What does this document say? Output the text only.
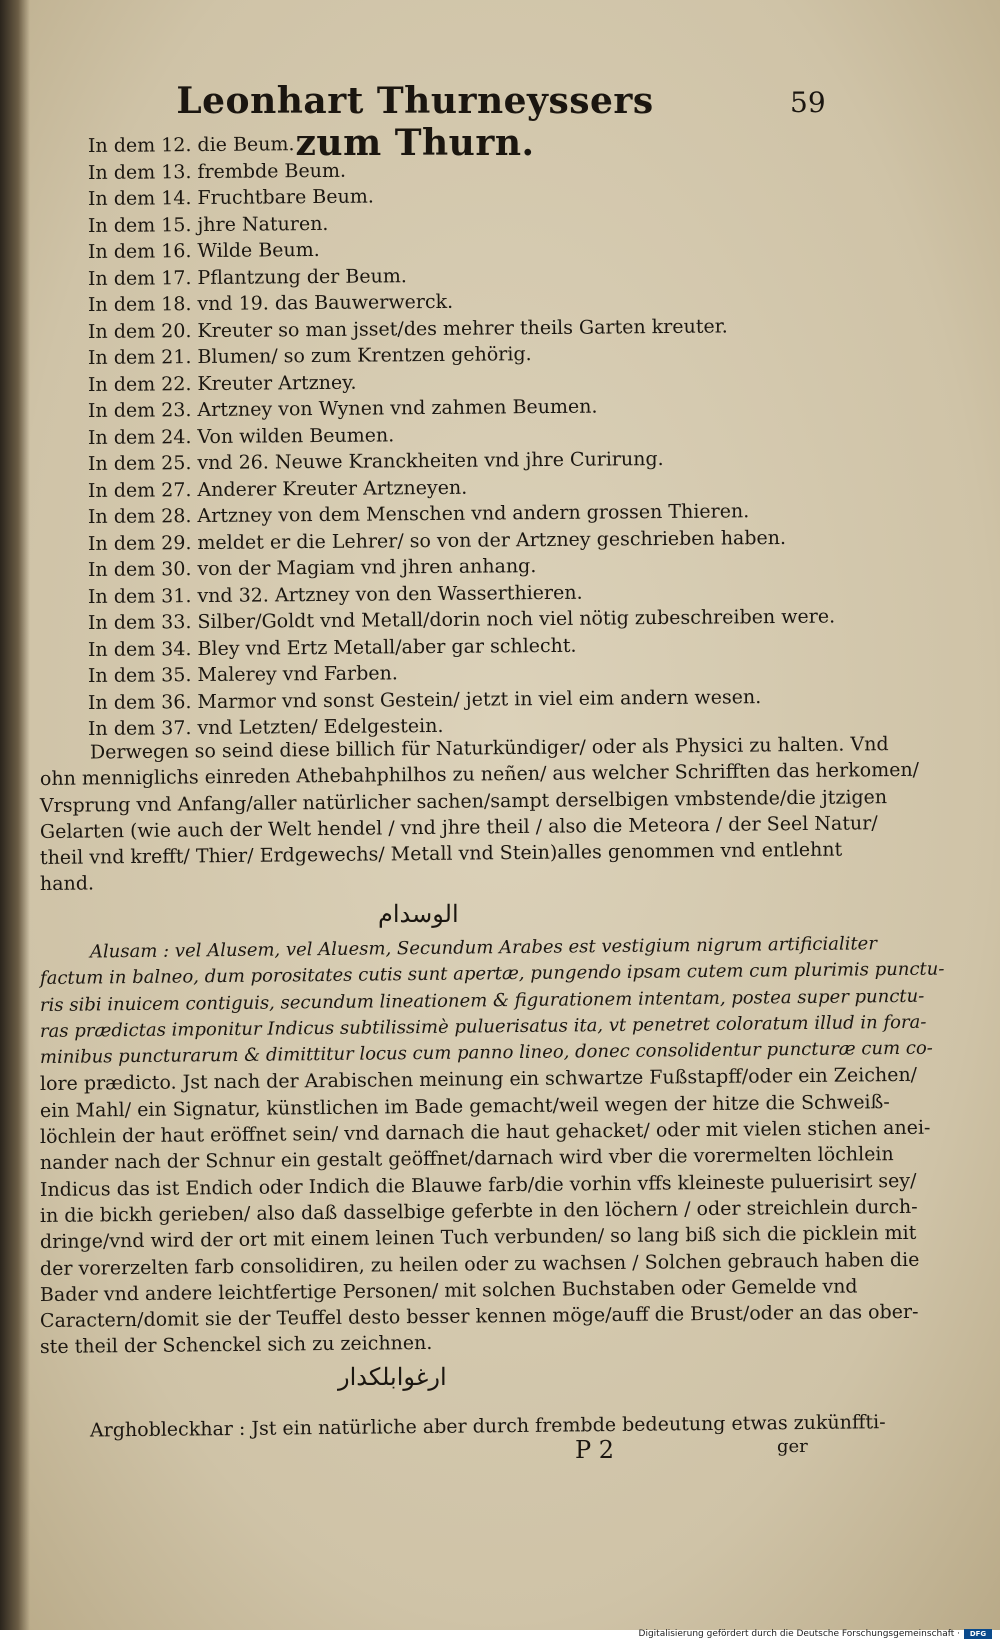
Leonhart Thurneyssers zum Thurn.
59
In dem 12. die Beum.
In dem 13. frembde Beum.
In dem 14. Fruchtbare Beum.
In dem 15. jhre Naturen.
In dem 16. Wilde Beum.
In dem 17. Pflantzung der Beum.
In dem 18. vnd 19. das Bauwerwerck.
In dem 20. Kreuter so man jsset/des mehrer theils Garten kreuter.
In dem 21. Blumen/ so zum Krentzen gehörig.
In dem 22. Kreuter Artzney.
In dem 23. Artzney von Wynen vnd zahmen Beumen.
In dem 24. Von wilden Beumen.
In dem 25. vnd 26. Neuwe Kranckheiten vnd jhre Curirung.
In dem 27. Anderer Kreuter Artzneyen.
In dem 28. Artzney von dem Menschen vnd andern grossen Thieren.
In dem 29. meldet er die Lehrer/ so von der Artzney geschrieben haben.
In dem 30. von der Magiam vnd jhren anhang.
In dem 31. vnd 32. Artzney von den Wasserthieren.
In dem 33. Silber/Goldt vnd Metall/dorin noch viel nötig zubeschreiben were.
In dem 34. Bley vnd Ertz Metall/aber gar schlecht.
In dem 35. Malerey vnd Farben.
In dem 36. Marmor vnd sonst Gestein/ jetzt in viel eim andern wesen.
In dem 37. vnd Letzten/ Edelgestein.
Derwegen so seind diese billich für Naturkündiger/ oder als Physici zu halten. Vnd
ohn menniglichs einreden Athebahphilhos zu neñen/ aus welcher Schrifften das herkomen/
Vrsprung vnd Anfang/aller natürlicher sachen/sampt derselbigen vmbstende/die jtzigen
Gelarten (wie auch der Welt hendel / vnd jhre theil / also die Meteora / der Seel Natur/
theil vnd krefft/ Thier/ Erdgewechs/ Metall vnd Stein)alles genommen vnd entlehnt
hand.
الوسدام
Alusam : vel Alusem, vel Aluesm, Secundum Arabes est vestigium nigrum artificialiter
factum in balneo, dum porositates cutis sunt apertæ, pungendo ipsam cutem cum plurimis punctu-
ris sibi inuicem contiguis, secundum lineationem & figurationem intentam, postea super punctu-
ras prædictas imponitur Indicus subtilissimè puluerisatus ita, vt penetret coloratum illud in fora-
minibus puncturarum & dimittitur locus cum panno lineo, donec consolidentur puncturæ cum co-
lore prædicto. Jst nach der Arabischen meinung ein schwartze Fußstapff/oder ein Zeichen/
ein Mahl/ ein Signatur, künstlichen im Bade gemacht/weil wegen der hitze die Schweiß-
löchlein der haut eröffnet sein/ vnd darnach die haut gehacket/ oder mit vielen stichen anei-
nander nach der Schnur ein gestalt geöffnet/darnach wird vber die vorermelten löchlein
Indicus das ist Endich oder Indich die Blauwe farb/die vorhin vffs kleineste puluerisirt sey/
in die bickh gerieben/ also daß dasselbige geferbte in den löchern / oder streichlein durch-
dringe/vnd wird der ort mit einem leinen Tuch verbunden/ so lang biß sich die picklein mit
der vorerzelten farb consolidiren, zu heilen oder zu wachsen / Solchen gebrauch haben die
Bader vnd andere leichtfertige Personen/ mit solchen Buchstaben oder Gemelde vnd
Caractern/domit sie der Teuffel desto besser kennen möge/auff die Brust/oder an das ober-
ste theil der Schenckel sich zu zeichnen.
ارغوابلكدار
Arghobleckhar : Jst ein natürliche aber durch frembde bedeutung etwas zukünffti-
P 2	ger
Digitalisierung gefördert durch die Deutsche Forschungsgemeinschaft ·	DFG
